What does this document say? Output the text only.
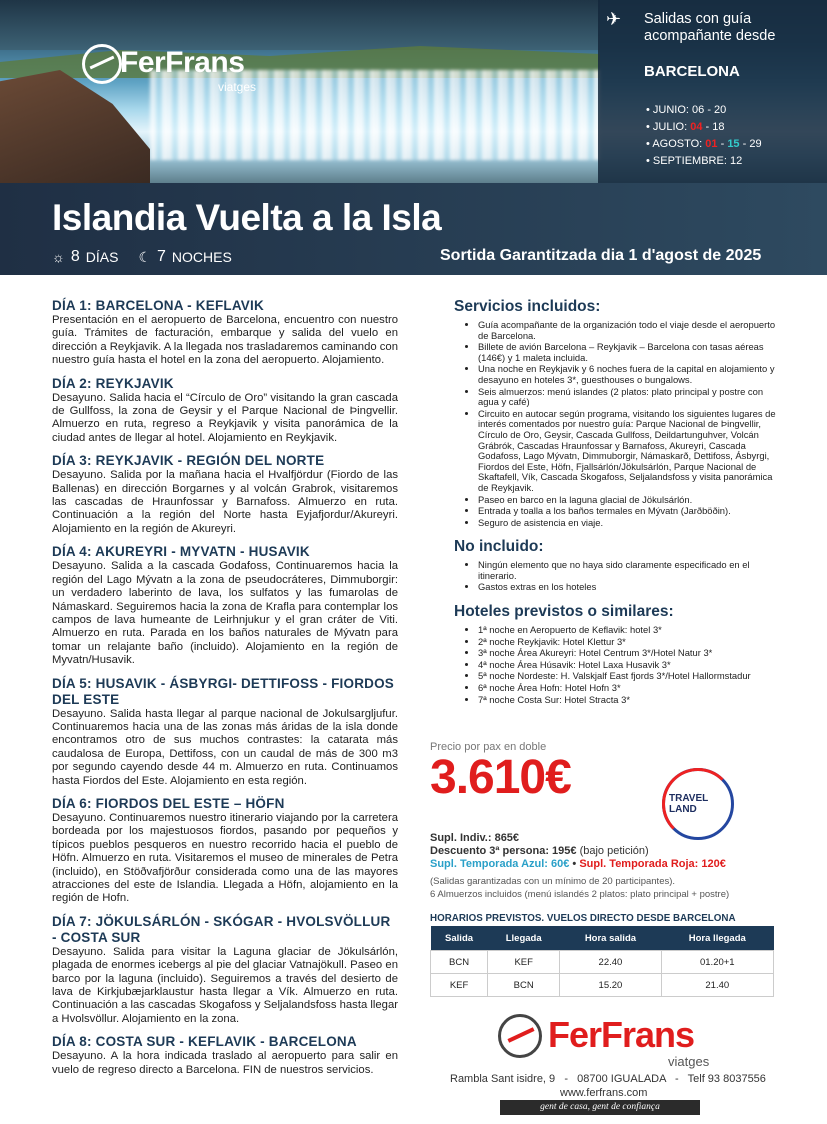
FerFrans
viatges
✈	Salidas con guía acompañante desde
BARCELONA
• JUNIO: 06 - 20
• JULIO: 04 - 18
• AGOSTO: 01 - 15 - 29
• SEPTIEMBRE: 12
Islandia Vuelta a la Isla
☼ 8 DÍAS ☾ 7 NOCHES	Sortida Garantitzada dia 1 d'agost de 2025
DÍA 1: BARCELONA - KEFLAVIK

Presentación en el aeropuerto de Barcelona, encuentro con nuestro guía. Trámites de facturación, embarque y salida del vuelo en dirección a Reykjavik. A la llegada nos trasladaremos caminando con nuestro guía hasta el hotel en la zona del aeropuerto. Alojamiento.

DÍA 2: REYKJAVIK

Desayuno. Salida hacia el “Círculo de Oro” visitando la gran cascada de Gullfoss, la zona de Geysir y el Parque Nacional de Þingvellir. Almuerzo en ruta, regreso a Reykjavik y visita panorámica de la ciudad antes de llegar al hotel. Alojamiento en Reykjavik.

DÍA 3: REYKJAVIK - REGIÓN DEL NORTE

Desayuno. Salida por la mañana hacia el Hvalfjördur (Fiordo de las Ballenas) en dirección Borgarnes y al volcán Grabrok, visitaremos las cascadas de Hraunfossar y Barnafoss. Almuerzo en ruta. Continuación a la región del Norte hasta Eyjafjordur/Akureyri. Alojamiento en la región de Akureyri.

DÍA 4: AKUREYRI - MYVATN - HUSAVIK

Desayuno. Salida a la cascada Godafoss, Continuaremos hacia la región del Lago Mývatn a la zona de pseudocráteres, Dimmuborgir: un verdadero laberinto de lava, los sulfatos y las fumarolas de Námaskard. Seguiremos hacia la zona de Krafla para contemplar los campos de lava humeante de Leirhnjukur y el gran cráter de Viti. Almuerzo en ruta. Parada en los baños naturales de Mývatn para tomar un relajante baño (incluido). Alojamiento en la región de Myvatn/Husavik.

DÍA 5: HUSAVIK - ÁSBYRGI- DETTIFOSS - FIORDOS DEL ESTE

Desayuno. Salida hasta llegar al parque nacional de Jokulsargljufur. Continuaremos hacia una de las zonas más áridas de la isla donde encontramos otro de sus muchos contrastes: la catarata más caudalosa de Europa, Dettifoss, con un caudal de más de 300 m3 por segundo cayendo desde 44 m. Almuerzo en ruta. Continuamos hasta Fiordos del Este. Alojamiento en esta región.

DÍA 6: FIORDOS DEL ESTE – HÖFN

Desayuno. Continuaremos nuestro itinerario viajando por la carretera bordeada por los majestuosos fiordos, pasando por pequeños y típicos pueblos pesqueros en nuestro recorrido hacia el pueblo de Höfn. Almuerzo en ruta. Visitaremos el museo de minerales de Petra (incluido), en Stöðvafjörður considerada como una de las mayores atracciones del este de Islandia. Llegada a Höfn, alojamiento en la región de Hofn.

DÍA 7: JÖKULSÁRLÓN - SKÓGAR - HVOLSVÖLLUR - COSTA SUR

Desayuno. Salida para visitar la Laguna glaciar de Jökulsárlón, plagada de enormes icebergs al pie del glaciar Vatnajökull. Paseo en barco por la laguna (incluido). Seguiremos a través del desierto de lava de Kirkjubæjarklaustur hasta llegar a Vík. Almuerzo en ruta. Continuación a las cascadas Skogafoss y Seljalandsfoss hasta llegar a Hvolsvöllur. Alojamiento en la zona.

DÍA 8: COSTA SUR - KEFLAVIK - BARCELONA

Desayuno. A la hora indicada traslado al aeropuerto para salir en vuelo de regreso directo a Barcelona. FIN de nuestros servicios.

Servicios incluidos:
• Guía acompañante de la organización todo el viaje desde el aeropuerto de Barcelona.
• Billete de avión Barcelona – Reykjavik – Barcelona con tasas aéreas (146€) y 1 maleta incluida.
• Una noche en Reykjavik y 6 noches fuera de la capital en alojamiento y desayuno en hoteles 3*, guesthouses o bungalows.
• Seis almuerzos: menú islandes (2 platos: plato principal y postre con agua y café)
• Circuito en autocar según programa, visitando los siguientes lugares de interés comentados por nuestro guía: Parque Nacional de Þingvellir, Círculo de Oro, Geysir, Cascada Gullfoss, Deildartunguhver, Volcán Grábrók, Cascadas Hraunfossar y Barnafoss, Akureyri, Cascada Godafoss, Lago Mývatn, Dimmuborgir, Námaskarð, Dettifoss, Ásbyrgi, Fiordos del Este, Höfn, Fjallsárlón/Jökulsárlón, Parque Nacional de Skaftafell, Vík, Cascada Skogafoss, Seljalandsfoss y visita panorámica de Reykjavik.
• Paseo en barco en la laguna glacial de Jökulsárlón.
• Entrada y toalla a los baños termales en Mývatn (Jarðböðin).
• Seguro de asistencia en viaje.
No incluido:
• Ningún elemento que no haya sido claramente especificado en el itinerario.
• Gastos extras en los hoteles
Hoteles previstos o similares:
• 1ª noche en Aeropuerto de Keflavik: hotel 3*
• 2ª noche Reykjavik: Hotel Klettur 3*
• 3ª noche Área Akureyri: Hotel Centrum 3*/Hotel Natur 3*
• 4ª noche Área Húsavik: Hotel Laxa Husavik 3*
• 5ª noche Nordeste: H. Valskjalf East fjords 3*/Hotel Hallormstadur
• 6ª noche Área Hofn: Hotel Hofn 3*
• 7ª noche Costa Sur: Hotel Stracta 3*
Precio por pax en doble
3.610€	TRAVEL LAND
Supl. Indiv.: 865€
Descuento 3ª persona: 195€ (bajo petición)
Supl. Temporada Azul: 60€ • Supl. Temporada Roja: 120€
(Salidas garantizadas con un mínimo de 20 participantes).
6 Almuerzos incluidos (menú islandés 2 platos: plato principal + postre)
HORARIOS PREVISTOS. VUELOS DIRECTO DESDE BARCELONA
Salida	Llegada	Hora salida	Hora llegada
BCN	KEF	22.40	01.20+1
KEF	BCN	15.20	21.40
FerFrans
viatges
Rambla Sant isidre, 9   -   08700 IGUALADA   -   Telf 93 8037556
www.ferfrans.com
gent de casa, gent de confiança
